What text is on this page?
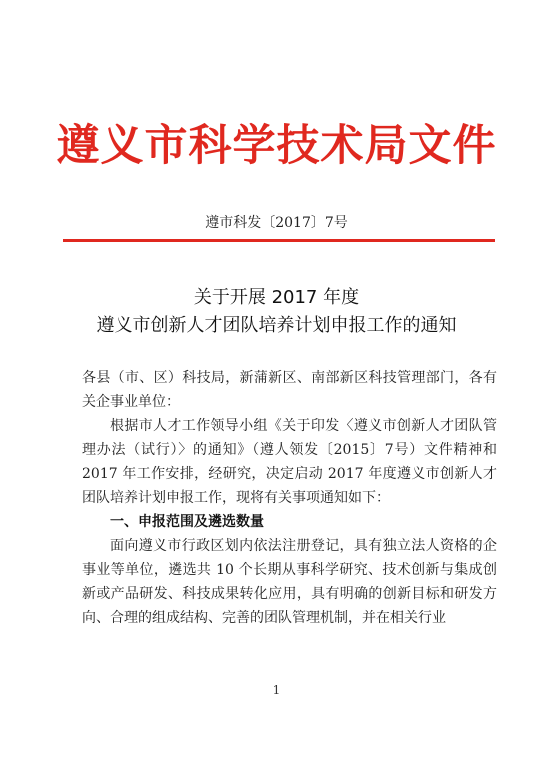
遵义市科学技术局文件
遵市科发〔2017〕7号
关于开展 2017 年度
遵义市创新人才团队培养计划申报工作的通知

各县（市、区）科技局，新蒲新区、南部新区科技管理部门，各有关企事业单位：

根据市人才工作领导小组《关于印发〈遵义市创新人才团队管理办法（试行）〉的通知》（遵人领发〔2015〕7号）文件精神和 2017 年工作安排，经研究，决定启动 2017 年度遵义市创新人才团队培养计划申报工作，现将有关事项通知如下：

一、申报范围及遴选数量

面向遵义市行政区划内依法注册登记，具有独立法人资格的企事业等单位，遴选共 10 个长期从事科学研究、技术创新与集成创新或产品研发、科技成果转化应用，具有明确的创新目标和研发方向、合理的组成结构、完善的团队管理机制，并在相关行业

1
